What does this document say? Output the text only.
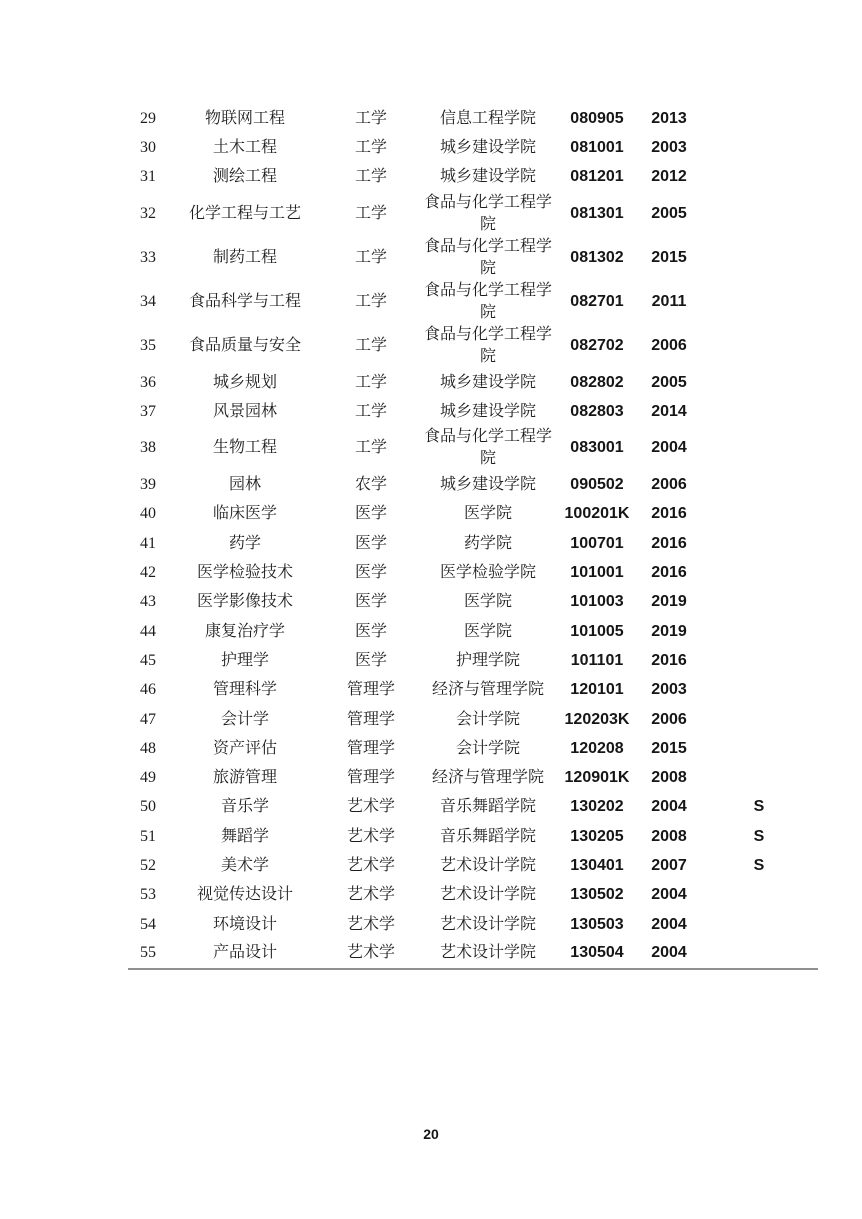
29	物联网工程	工学	信息工程学院	080905	2013	
30	土木工程	工学	城乡建设学院	081001	2003	
31	测绘工程	工学	城乡建设学院	081201	2012	
32	化学工程与工艺	工学	食品与化学工程学院	081301	2005	
33	制药工程	工学	食品与化学工程学院	081302	2015	
34	食品科学与工程	工学	食品与化学工程学院	082701	2011	
35	食品质量与安全	工学	食品与化学工程学院	082702	2006	
36	城乡规划	工学	城乡建设学院	082802	2005	
37	风景园林	工学	城乡建设学院	082803	2014	
38	生物工程	工学	食品与化学工程学院	083001	2004	
39	园林	农学	城乡建设学院	090502	2006	
40	临床医学	医学	医学院	100201K	2016	
41	药学	医学	药学院	100701	2016	
42	医学检验技术	医学	医学检验学院	101001	2016	
43	医学影像技术	医学	医学院	101003	2019	
44	康复治疗学	医学	医学院	101005	2019	
45	护理学	医学	护理学院	101101	2016	
46	管理科学	管理学	经济与管理学院	120101	2003	
47	会计学	管理学	会计学院	120203K	2006	
48	资产评估	管理学	会计学院	120208	2015	
49	旅游管理	管理学	经济与管理学院	120901K	2008	
50	音乐学	艺术学	音乐舞蹈学院	130202	2004	S
51	舞蹈学	艺术学	音乐舞蹈学院	130205	2008	S
52	美术学	艺术学	艺术设计学院	130401	2007	S
53	视觉传达设计	艺术学	艺术设计学院	130502	2004	
54	环境设计	艺术学	艺术设计学院	130503	2004	
55	产品设计	艺术学	艺术设计学院	130504	2004	
20
